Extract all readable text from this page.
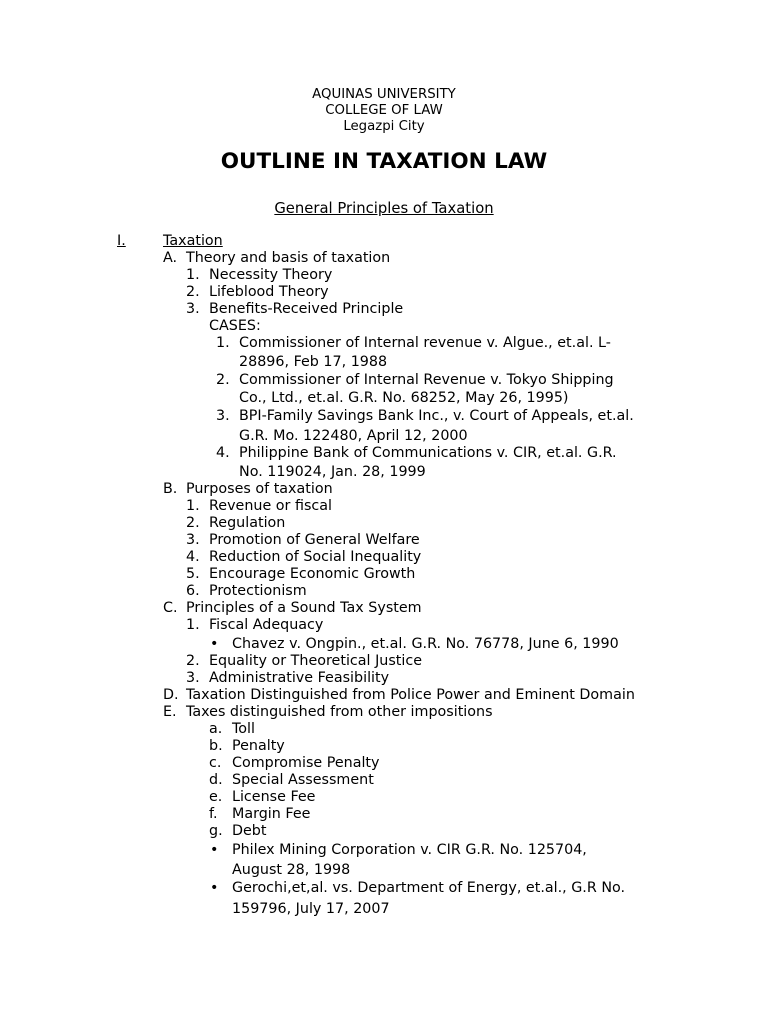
AQUINAS UNIVERSITY
COLLEGE OF LAW
Legazpi City
OUTLINE IN TAXATION LAW
General Principles of Taxation
I.	Taxation
A. Theory and basis of taxation
1. Necessity Theory
2. Lifeblood Theory
3. Benefits-Received Principle
CASES:
1. Commissioner of Internal revenue v. Algue., et.al. L-
28896, Feb 17, 1988
2. Commissioner of Internal Revenue v. Tokyo Shipping
Co., Ltd., et.al. G.R. No. 68252, May 26, 1995)
3. BPI-Family Savings Bank Inc., v. Court of Appeals, et.al.
G.R. Mo. 122480, April 12, 2000
4. Philippine Bank of Communications v. CIR, et.al. G.R.
No. 119024, Jan. 28, 1999
B. Purposes of taxation
1. Revenue or fiscal
2. Regulation
3. Promotion of General Welfare
4. Reduction of Social Inequality
5. Encourage Economic Growth
6. Protectionism
C. Principles of a Sound Tax System
1. Fiscal Adequacy
• Chavez v. Ongpin., et.al. G.R. No. 76778, June 6, 1990
2. Equality or Theoretical Justice
3. Administrative Feasibility
D. Taxation Distinguished from Police Power and Eminent Domain
E. Taxes distinguished from other impositions
a. Toll
b. Penalty
c. Compromise Penalty
d. Special Assessment
e. License Fee
f. Margin Fee
g. Debt
• Philex Mining Corporation v. CIR G.R. No. 125704,
August 28, 1998
• Gerochi,et,al. vs. Department of Energy, et.al., G.R No.
159796, July 17, 2007
